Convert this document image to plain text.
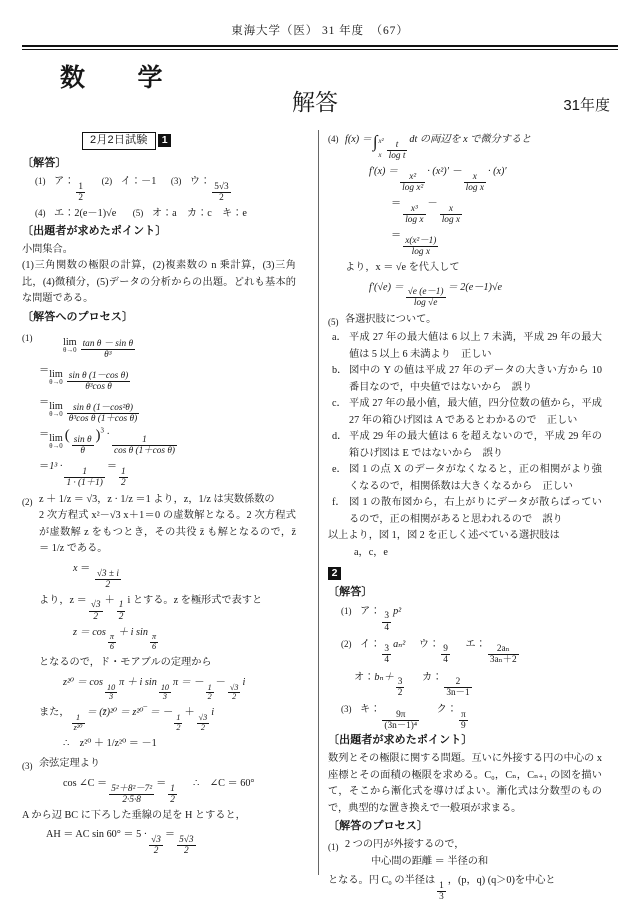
東海大学（医） 31 年度　（67）
数　学
解答	31年度
2月2日試験 1
〔解答〕
(1) ア：
$\frac{1}{2}$
(2) イ：－1 (3) ウ：
$\frac{5√3}{2}$
(4) エ：2(e－1)√e (5) オ：a　カ：c　キ：e
〔出題者が求めたポイント〕

小問集合。

(1)三角関数の極限の計算，(2)複素数の n 乗計算，(3)三角比，(4)微積分，(5)データの分析からの出題。どれも基本的な問題である。

〔解答へのプロセス〕
(1)	lim
$\theta\to 0 \frac{\text{tan θ － sin θ}}{\text{θ³}}$
＝ lim
$\theta\to 0 \frac{\text{sin θ (1－cos θ)}}{\text{θ³cos θ}}$
＝ lim
$\theta\to 0 \frac{\text{sin θ (1－cos²θ)}}{\text{θ³cos θ (1＋cos θ)}}$
＝ lim
θ→0
( $\frac{\text{sin θ}}{\theta} )^3$ ·
$\frac{1}{\text{cos θ (1＋cos θ)}}$
＝1³ ·
$\frac{1}{1 \cdot (1+1)}$
＝
$\frac{1}{2}$
(2) z ＋ 1/z ＝ √3，z · 1/z ＝1 より，z，1/z は実数係数の

2 次方程式 x²－√3 x＋1＝0 の虚数解となる。2 次方程式が虚数解 z をもつとき，その共役 z̄ も解となるので，z̄ ＝ 1/z である。

x ＝
$\frac{√3 \pm i}{2}$
より，z ＝
$\frac{√3}{2}$
＋
$\frac{1}{2}$
i とする。z を極形式で表すと
z ＝ cos
$\frac{\pi}{6}$
＋ i sin
$\frac{\pi}{6}$

となるので，ド・モアブルの定理から

z²⁰ ＝ cos
$\frac{10}{3}$
π ＋ i sin
$\frac{10}{3}$
π ＝ －
$\frac{1}{2}$
－
$\frac{√3}{2}$
i
また，
$\frac{1}{\text{z²⁰}}$
＝ (z̄)²⁰ ＝ z²⁰‾ ＝ －
$\frac{1}{2}$
＋
$\frac{√3}{2}$
i
∴　z²⁰ ＋ 1/z²⁰ ＝ －1
(3) 余弦定理より
cos ∠C ＝
$\frac{\text{5²＋8²－7²}}{2\cdot 5\cdot 8}$
＝
$\frac{1}{2}$
∴　∠C ＝ 60°
A から辺 BC に下ろした垂線の足を H とすると，
AH ＝ AC sin 60° ＝ 5 ·
$\frac{√3}{2}$
＝
$\frac{5√3}{2}$
(4) f(x) ＝∫ x²
x $\frac{t}{\text{log t}}$
dt の両辺を x で微分すると
f′(x) ＝
$\frac{\text{x²}}{\text{log x²}}$
· (x²)′ －
$\frac{x}{\text{log x}}$
· (x)′
＝
$\frac{\text{x³}}{\text{log x}}$
－
$\frac{x}{\text{log x}}$
＝
$\frac{\text{x(x²－1)}}{\text{log x}}$
より，x ＝ √e を代入して
f′(√e) ＝
$\frac{√e (e-1)}{\log √e}$
＝ 2(e－1)√e
(5) 各選択肢について。
a． 平成 27 年の最大値は 6 以上 7 未満，平成 29 年の最大値は 5 以上 6 未満より　正しい
b． 図中の Y の値は平成 27 年のデータの大きい方から 10 番目なので，中央値ではないから　誤り
c． 平成 27 年の最小値，最大値，四分位数の値から，平成 27 年の箱ひげ図は A であるとわかるので　正しい
d． 平成 29 年の最大値は 6 を超えないので，平成 29 年の箱ひげ図は E ではないから　誤り
e． 図 1 の点 X のデータがなくなると，正の相関がより強くなるので，相関係数は大きくなるから　正しい
f． 図 1 の散布図から，右上がりにデータが散らばっているので，正の相関があると思われるので　誤り
以上より，図 1，図 2 を正しく述べている選択肢は
a，c，e
2
〔解答〕
(1) ア：
$\frac{3}{4}$
p²
(2) イ：
$\frac{3}{4}$
aₙ² ウ：
$\frac{9}{4}$
エ：
$\frac{\text{2aₙ}}{\text{3aₙ＋2}}$
オ：bₙ＋
$\frac{3}{2}$
カ：
$\frac{2}{3n-1}$
(3) キ：
$\frac{9\pi}{\text{(3n－1)⁴}}$
ク：
$\frac{\pi}{9}$
〔出題者が求めたポイント〕

数列とその極限に関する問題。互いに外接する円の中心の x 座標とその面積の極限を求める。C₀，Cₙ，Cₙ₊₁ の図を描いて，そこから漸化式を導けばよい。漸化式は分数型のもので，典型的な置き換えで一般項が求まる。

〔解答のプロセス〕
(1) 2 つの円が外接するので，
中心間の距離 ＝ 半径の和
となる。円 C₀ の半径は
$\frac{1}{3}$
，(p，q) (q＞0)を中心と
